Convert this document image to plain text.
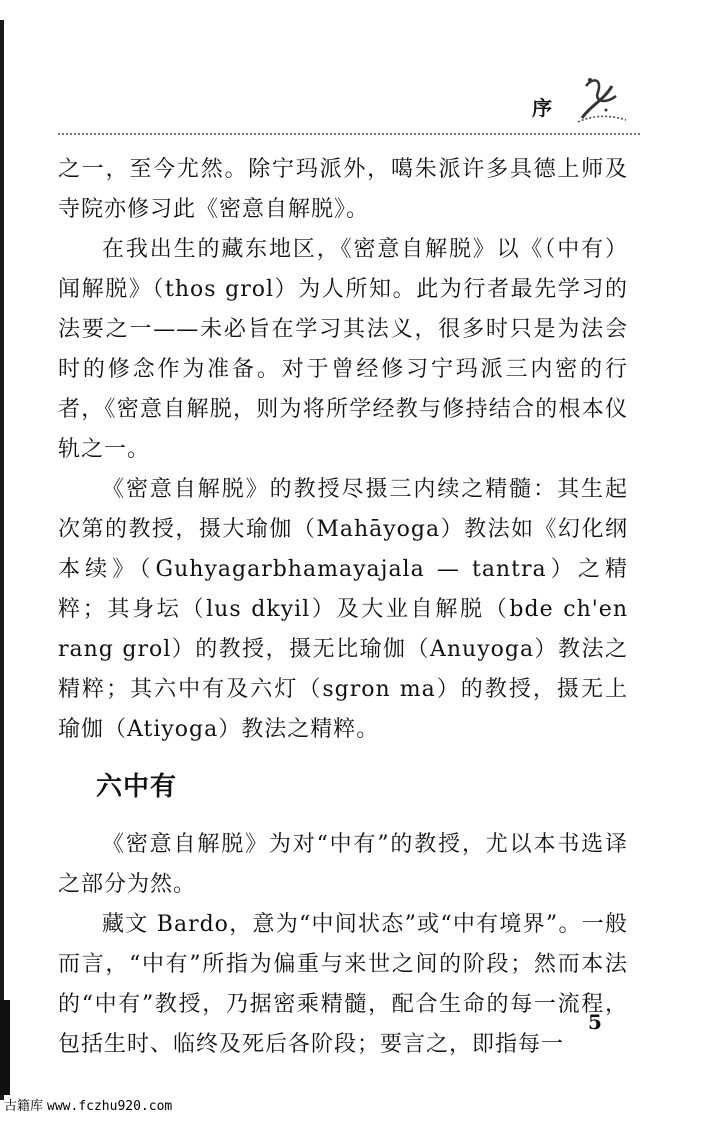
序

之一，至今尤然。除宁玛派外，噶朱派许多具德上师及寺院亦修习此《密意自解脱》。

在我出生的藏东地区，《密意自解脱》以《（中有）闻解脱》（thos grol）为人所知。此为行者最先学习的法要之一——未必旨在学习其法义，很多时只是为法会时的修念作为准备。对于曾经修习宁玛派三内密的行者，《密意自解脱，则为将所学经教与修持结合的根本仪轨之一。

《密意自解脱》的教授尽摄三内续之精髓：其生起次第的教授，摄大瑜伽（Mahāyoga）教法如《幻化纲本续》（Guhyagarbhamayajala — tantra）之精粹；其身坛（lus dkyil）及大业自解脱（bde ch'en rang grol）的教授，摄无比瑜伽（Anuyoga）教法之精粹；其六中有及六灯（sgron ma）的教授，摄无上瑜伽（Atiyoga）教法之精粹。

六中有

《密意自解脱》为对“中有”的教授，尤以本书选译之部分为然。

藏文 Bardo，意为“中间状态”或“中有境界”。一般而言，“中有”所指为偏重与来世之间的阶段；然而本法的“中有”教授，乃据密乘精髓，配合生命的每一流程，包括生时、临终及死后各阶段；要言之，即指每一

5
古籍库 www.fczhu920.com
